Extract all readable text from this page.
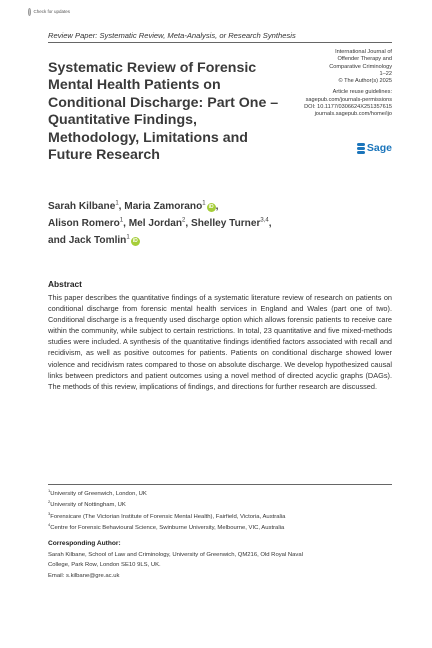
Check for updates
Review Paper: Systematic Review, Meta-Analysis, or Research Synthesis
Systematic Review of Forensic Mental Health Patients on Conditional Discharge: Part One – Quantitative Findings, Methodology, Limitations and Future Research
International Journal of
Offender Therapy and
Comparative Criminology
1–22
© The Author(s) 2025
Article reuse guidelines:
sagepub.com/journals-permissions
DOI: 10.1177/0306624X251357615
journals.sagepub.com/home/ijo
Sage
Sarah Kilbane$^1$, Maria Zamorano$^1$iD ,
Alison Romero$^1$, Mel Jordan$^2$, Shelley Turner$^{3,4}$,
and Jack Tomlin$^1$iD
Abstract

This paper describes the quantitative findings of a systematic literature review of research on patients on conditional discharge from forensic mental health services in England and Wales (part one of two). Conditional discharge is a frequently used discharge option which allows forensic patients to receive care within the community, while subject to certain restrictions. In total, 23 quantitative and five mixed-methods studies were included. A synthesis of the quantitative findings identified factors associated with recall and recidivism, as well as positive outcomes for patients. Patients on conditional discharge showed lower violence and recidivism rates compared to those on absolute discharge. We develop hypothesized causal links between predictors and patient outcomes using a novel method of directed acyclic graphs (DAGs). The methods of this review, implications of findings, and directions for further research are discussed.

$^1$University of Greenwich, London, UK
$^2$University of Nottingham, UK
$^3$Forensicare (The Victorian Institute of Forensic Mental Health), Fairfield, Victoria, Australia
$^4$Centre for Forensic Behavioural Science, Swinburne University, Melbourne, VIC, Australia
Corresponding Author:
Sarah Kilbane, School of Law and Criminology, University of Greenwich, QM216, Old Royal Naval
College, Park Row, London SE10 9LS, UK.
Email: s.kilbane@gre.ac.uk
